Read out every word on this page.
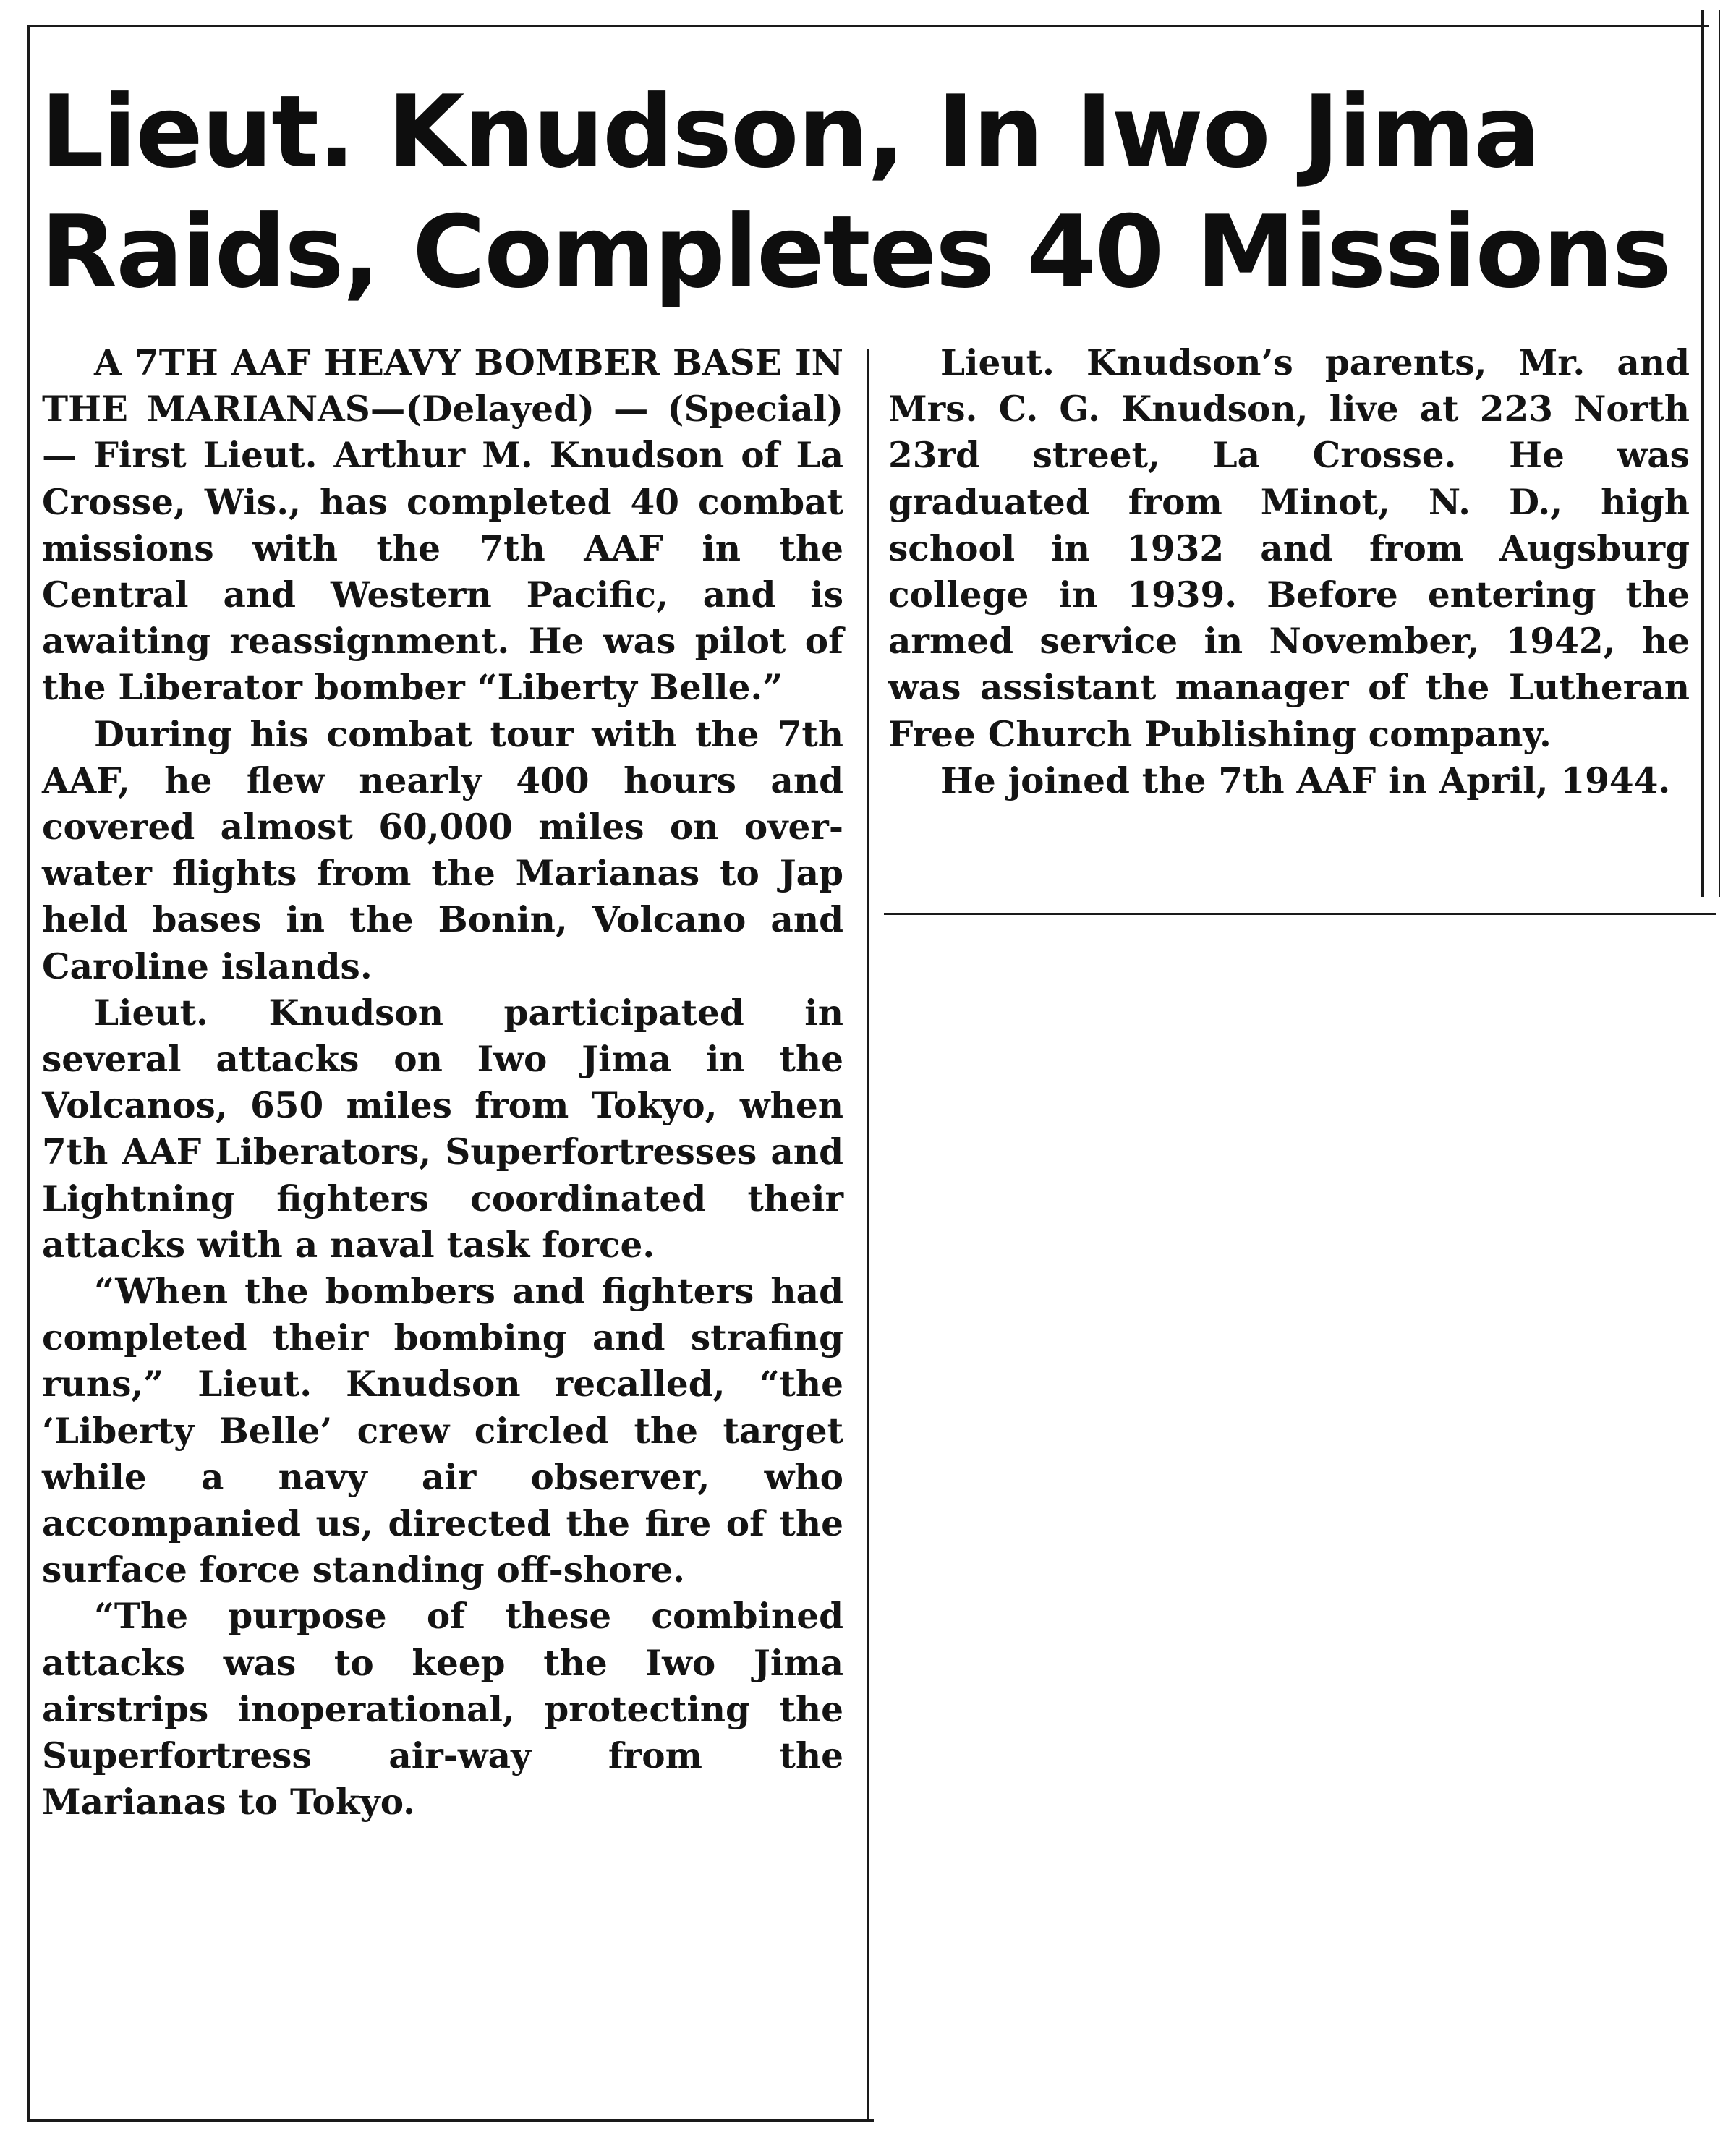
Lieut. Knudson, In Iwo Jima
Raids, Completes 40 Missions

A 7TH AAF HEAVY BOMBER BASE IN THE MARIANAS—(Delayed) — (Special) — First Lieut. Arthur M. Knudson of La Crosse, Wis., has completed 40 combat missions with the 7th AAF in the Central and Western Pacific, and is awaiting reassignment. He was pilot of the Liberator bomber “Liberty Belle.”

During his combat tour with the 7th AAF, he flew nearly 400 hours and covered almost 60,000 miles on over-water flights from the Marianas to Jap held bases in the Bonin, Volcano and Caroline islands.

Lieut. Knudson participated in several attacks on Iwo Jima in the Volcanos, 650 miles from Tokyo, when 7th AAF Liberators, Superfortresses and Lightning fighters coordinated their attacks with a naval task force.

“When the bombers and fighters had completed their bombing and strafing runs,” Lieut. Knudson recalled, “the ‘Liberty Belle’ crew circled the target while a navy air observer, who accompanied us, directed the fire of the surface force standing off-shore.

“The purpose of these combined attacks was to keep the Iwo Jima airstrips inoperational, protecting the Superfortress air-way from the Marianas to Tokyo.

Lieut. Knudson’s parents, Mr. and Mrs. C. G. Knudson, live at 223 North 23rd street, La Crosse. He was graduated from Minot, N. D., high school in 1932 and from Augsburg college in 1939. Before entering the armed service in November, 1942, he was assistant manager of the Lutheran Free Church Publishing company.

He joined the 7th AAF in April, 1944.
